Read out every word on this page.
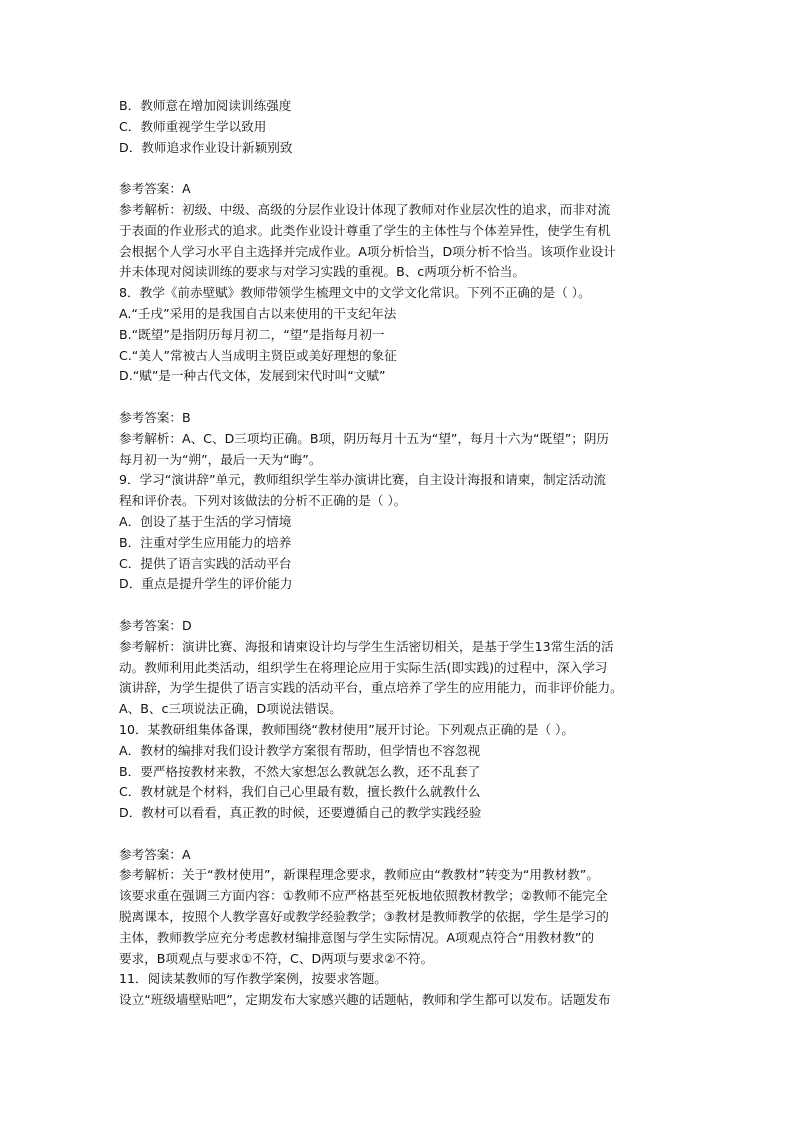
B．教师意在增加阅读训练强度
C．教师重视学生学以致用
D．教师追求作业设计新颖别致
参考答案：A
参考解析：初级、中级、高级的分层作业设计体现了教师对作业层次性的追求，而非对流
于表面的作业形式的追求。此类作业设计尊重了学生的主体性与个体差异性，使学生有机
会根据个人学习水平自主选择并完成作业。A项分析恰当，D项分析不恰当。该项作业设计
并未体现对阅读训练的要求与对学习实践的重视。B、c两项分析不恰当。
8．教学《前赤壁赋》教师带领学生梳理文中的文学文化常识。下列不正确的是（ ）。
A.“壬戌”采用的是我国自古以来使用的干支纪年法
B.“既望”是指阴历每月初二，“望”是指每月初一
C.“美人”常被古人当成明主贤臣或美好理想的象征
D.“赋”是一种古代文体，发展到宋代时叫“文赋”
参考答案：B
参考解析：A、C、D三项均正确。B项，阴历每月十五为“望”，每月十六为“既望”；阴历
每月初一为“朔”，最后一天为“晦”。
9．学习“演讲辞”单元，教师组织学生举办演讲比赛，自主设计海报和请柬，制定活动流
程和评价表。下列对该做法的分析不正确的是（ ）。
A．创设了基于生活的学习情境
B．注重对学生应用能力的培养
C．提供了语言实践的活动平台
D．重点是提升学生的评价能力
参考答案：D
参考解析：演讲比赛、海报和请柬设计均与学生生活密切相关，是基于学生13常生活的活
动。教师利用此类活动，组织学生在将理论应用于实际生活(即实践)的过程中，深入学习
演讲辞，为学生提供了语言实践的活动平台，重点培养了学生的应用能力，而非评价能力。
A、B、c三项说法正确，D项说法错误。
10．某教研组集体备课，教师围绕“教材使用”展开讨论。下列观点正确的是（ ）。
A．教材的编排对我们设计教学方案很有帮助，但学情也不容忽视
B．要严格按教材来教，不然大家想怎么教就怎么教，还不乱套了
C．教材就是个材料，我们自己心里最有数，擅长教什么就教什么
D．教材可以看看，真正教的时候，还要遵循自己的教学实践经验
参考答案：A
参考解析：关于“教材使用”，新课程理念要求，教师应由“教教材”转变为“用教材教”。
该要求重在强调三方面内容：①教师不应严格甚至死板地依照教材教学；②教师不能完全
脱离课本，按照个人教学喜好或教学经验教学；③教材是教师教学的依据，学生是学习的
主体，教师教学应充分考虑教材编排意图与学生实际情况。A项观点符合“用教材教”的
要求，B项观点与要求①不符，C、D两项与要求②不符。
11．阅读某教师的写作教学案例，按要求答题。
设立“班级墙壁贴吧”，定期发布大家感兴趣的话题帖，教师和学生都可以发布。话题发布
